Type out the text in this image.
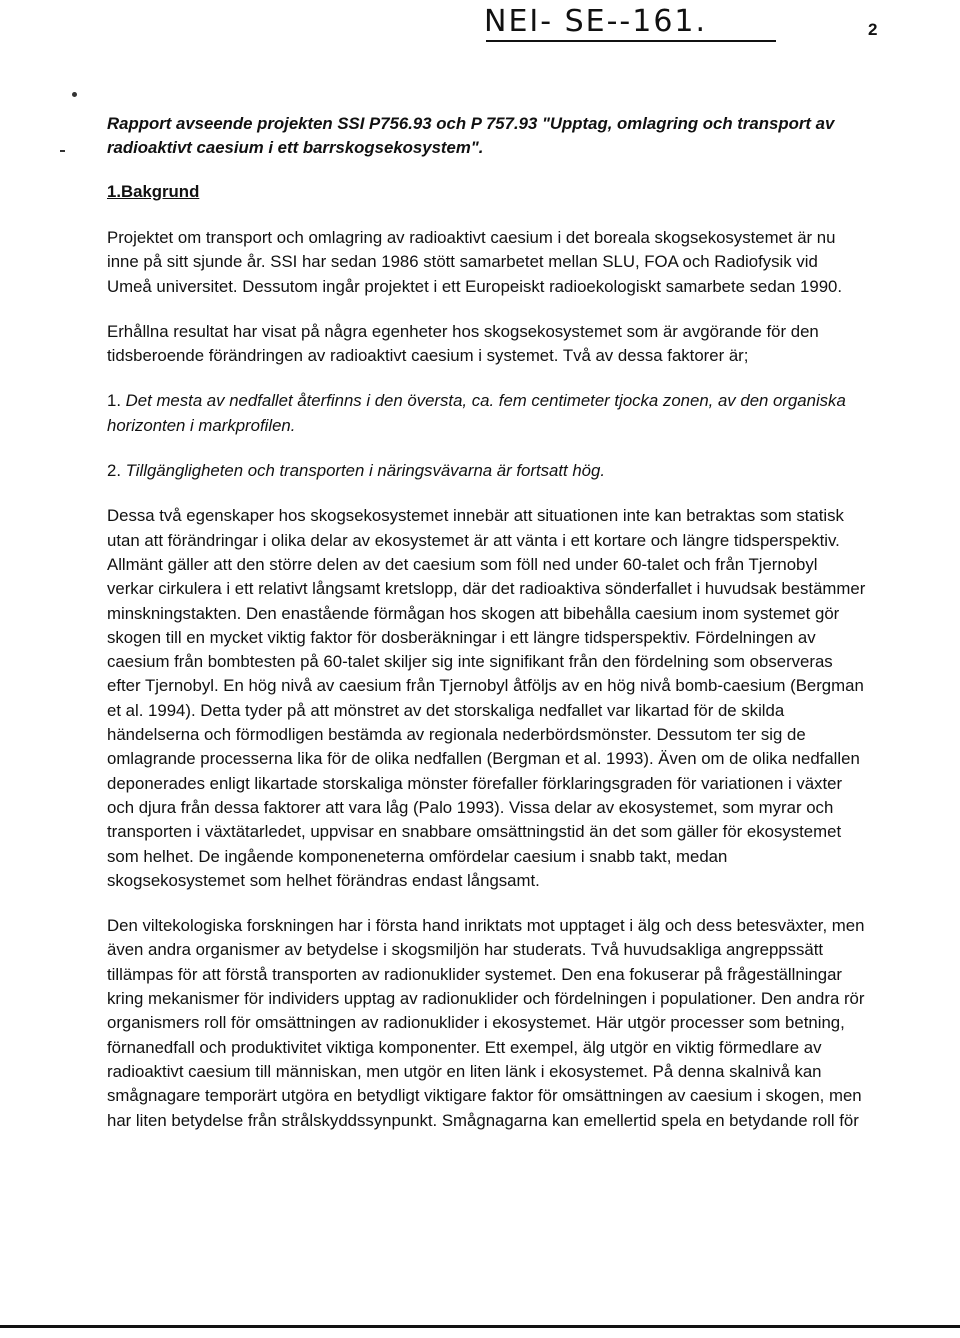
NEI- SE--161.	2
Rapport avseende projekten SSI P756.93 och P 757.93 "Upptag, omlagring och transport av radioaktivt caesium i ett barrskogsekosystem".
1.Bakgrund

Projektet om transport och omlagring av radioaktivt caesium i det boreala skogsekosystemet är nu inne på sitt sjunde år. SSI har sedan 1986 stött samarbetet mellan SLU, FOA och Radiofysik vid Umeå universitet. Dessutom ingår projektet i ett Europeiskt radioekologiskt samarbete sedan 1990.

Erhållna resultat har visat på några egenheter hos skogsekosystemet som är avgörande för den tidsberoende förändringen av radioaktivt caesium i systemet. Två av dessa faktorer är;

1. Det mesta av nedfallet återfinns i den översta, ca. fem centimeter tjocka zonen, av den organiska horizonten i markprofilen.
2. Tillgängligheten och transporten i näringsvävarna är fortsatt hög.

Dessa två egenskaper hos skogsekosystemet innebär att situationen inte kan betraktas som statisk utan att förändringar i olika delar av ekosystemet är att vänta i ett kortare och längre tidsperspektiv. Allmänt gäller att den större delen av det caesium som föll ned under 60-talet och från Tjernobyl verkar cirkulera i ett relativt långsamt kretslopp, där det radioaktiva sönderfallet i huvudsak bestämmer minskningstakten. Den enastående förmågan hos skogen att bibehålla caesium inom systemet gör skogen till en mycket viktig faktor för dosberäkningar i ett längre tidsperspektiv. Fördelningen av caesium från bombtesten på 60-talet skiljer sig inte signifikant från den fördelning som observeras efter Tjernobyl. En hög nivå av caesium från Tjernobyl åtföljs av en hög nivå bomb-caesium (Bergman et al. 1994). Detta tyder på att mönstret av det storskaliga nedfallet var likartad för de skilda händelserna och förmodligen bestämda av regionala nederbördsmönster. Dessutom ter sig de omlagrande processerna lika för de olika nedfallen (Bergman et al. 1993). Även om de olika nedfallen deponerades enligt likartade storskaliga mönster förefaller förklaringsgraden för variationen i växter och djura från dessa faktorer att vara låg (Palo 1993). Vissa delar av ekosystemet, som myrar och transporten i växtätarledet, uppvisar en snabbare omsättningstid än det som gäller för ekosystemet som helhet. De ingående komponeneterna omfördelar caesium i snabb takt, medan skogsekosystemet som helhet förändras endast långsamt.

Den viltekologiska forskningen har i första hand inriktats mot upptaget i älg och dess betesväxter, men även andra organismer av betydelse i skogsmiljön har studerats. Två huvudsakliga angreppssätt tillämpas för att förstå transporten av radionuklider systemet. Den ena fokuserar på frågeställningar kring mekanismer för individers upptag av radionuklider och fördelningen i populationer. Den andra rör organismers roll för omsättningen av radionuklider i ekosystemet. Här utgör processer som betning, förnanedfall och produktivitet viktiga komponenter. Ett exempel, älg utgör en viktig förmedlare av radioaktivt caesium till människan, men utgör en liten länk i ekosystemet. På denna skalnivå kan smågnagare temporärt utgöra en betydligt viktigare faktor för omsättningen av caesium i skogen, men har liten betydelse från strålskyddssynpunkt. Smågnagarna kan emellertid spela en betydande roll för
